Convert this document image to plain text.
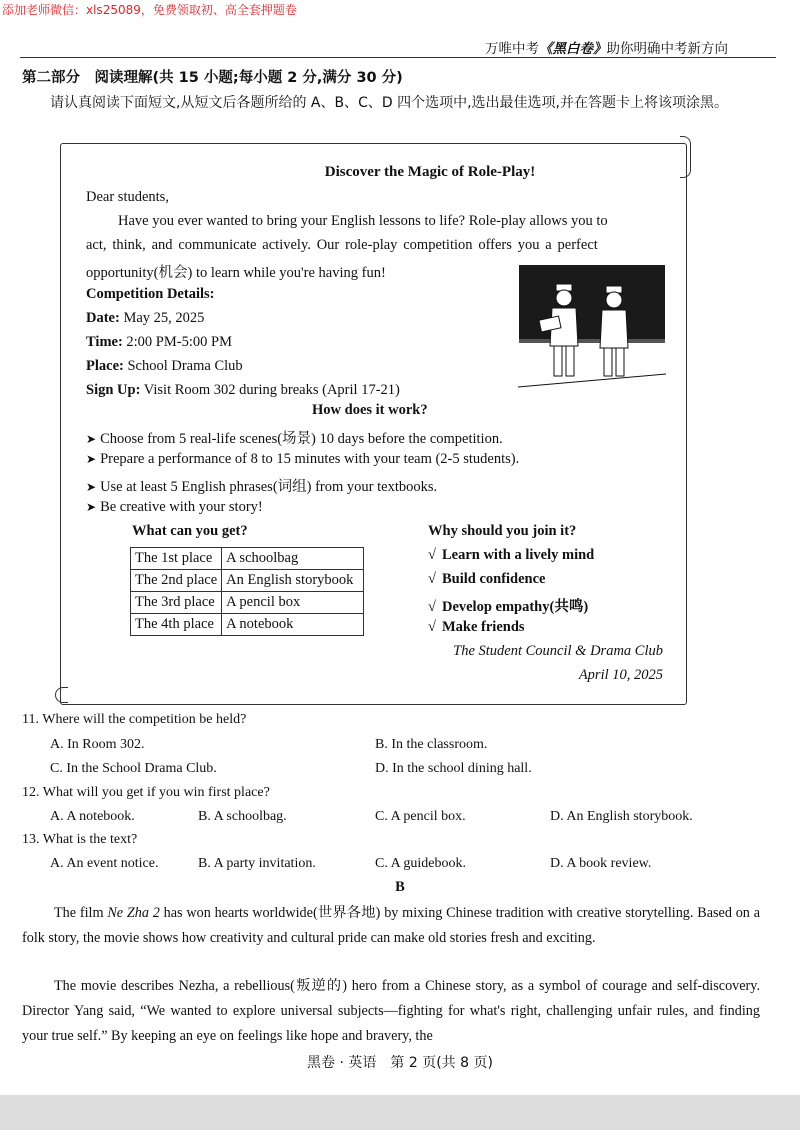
添加老师微信：xls25089，免费领取初、高全套押题卷
万唯中考《黑白卷》助你明确中考新方向
第二部分　阅读理解(共 15 小题;每小题 2 分,满分 30 分)
请认真阅读下面短文,从短文后各题所给的 A、B、C、D 四个选项中,选出最佳选项,并在答题卡上将该项涂黑。
Discover the Magic of Role-Play!
Dear students,
Have you ever wanted to bring your English lessons to life? Role-play allows you to
act, think, and communicate actively. Our role-play competition offers you a perfect
opportunity(机会) to learn while you're having fun!
Competition Details:
Date: May 25, 2025
Time: 2:00 PM-5:00 PM
Place: School Drama Club
Sign Up: Visit Room 302 during breaks (April 17-21)
How does it work?
➤ Choose from 5 real-life scenes(场景) 10 days before the competition.
➤ Prepare a performance of 8 to 15 minutes with your team (2-5 students).
➤ Use at least 5 English phrases(词组) from your textbooks.
➤ Be creative with your story!
What can you get?
The 1st place	A schoolbag
The 2nd place	An English storybook
The 3rd place	A pencil box
The 4th place	A notebook
Why should you join it?
√ Learn with a lively mind
√ Build confidence
√ Develop empathy(共鸣)
√ Make friends
The Student Council & Drama Club
April 10, 2025
11. Where will the competition be held?
A. In Room 302.	B. In the classroom.
C. In the School Drama Club.	D. In the school dining hall.
12. What will you get if you win first place?
A. A notebook.	B. A schoolbag.	C. A pencil box.	D. An English storybook.
13. What is the text?
A. An event notice.	B. A party invitation.	C. A guidebook.	D. A book review.
B
The film Ne Zha 2 has won hearts worldwide(世界各地) by mixing Chinese tradition with creative storytelling. Based on a folk story, the movie shows how creativity and cultural pride can make old stories fresh and exciting.
The movie describes Nezha, a rebellious(叛逆的) hero from a Chinese story, as a symbol of courage and self-discovery. Director Yang said, “We wanted to explore universal subjects—fighting for what's right, challenging unfair rules, and finding your true self.” By keeping an eye on feelings like hope and bravery, the
黑卷 · 英语　第 2 页(共 8 页)
